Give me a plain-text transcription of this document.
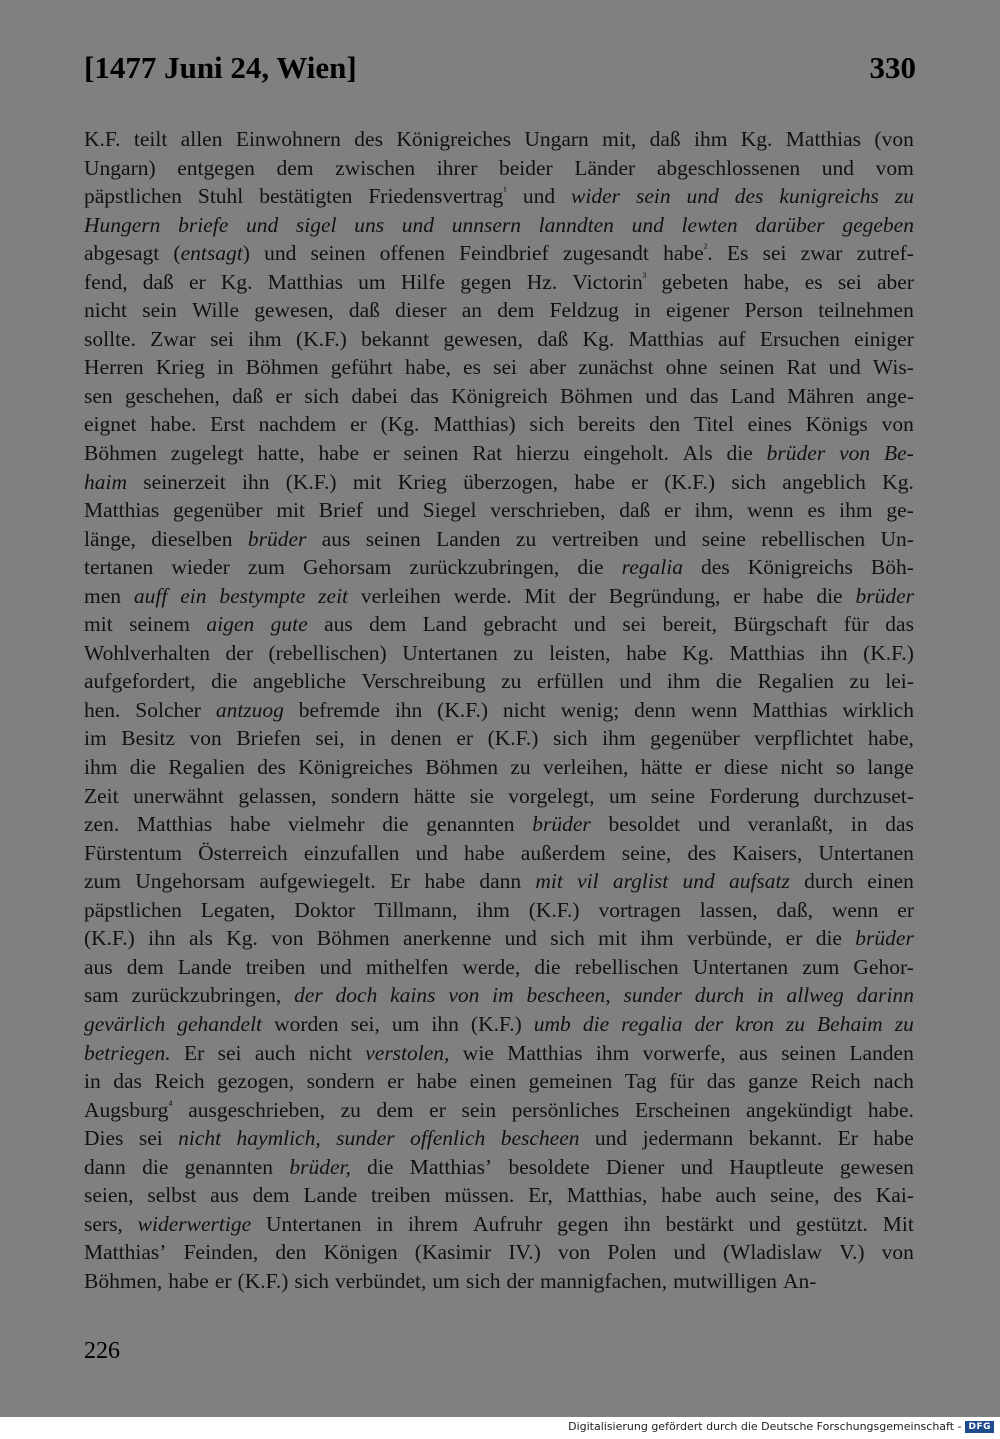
[1477 Juni 24, Wien]	330
K.F. teilt allen Einwohnern des Königreiches Ungarn mit, daß ihm Kg. Matthias (von
Ungarn) entgegen dem zwischen ihrer beider Länder abgeschlossenen und vom
päpstlichen Stuhl bestätigten Friedensvertrag$^{^1}$ und wider sein und des kunigreichs zu
Hungern briefe und sigel uns und unnsern lanndten und lewten darüber gegeben
abgesagt (entsagt) und seinen offenen Feindbrief zugesandt habe$^{^2}$. Es sei zwar zutref-
fend, daß er Kg. Matthias um Hilfe gegen Hz. Victorin$^{^3}$ gebeten habe, es sei aber
nicht sein Wille gewesen, daß dieser an dem Feldzug in eigener Person teilnehmen
sollte. Zwar sei ihm (K.F.) bekannt gewesen, daß Kg. Matthias auf Ersuchen einiger
Herren Krieg in Böhmen geführt habe, es sei aber zunächst ohne seinen Rat und Wis-
sen geschehen, daß er sich dabei das Königreich Böhmen und das Land Mähren ange-
eignet habe. Erst nachdem er (Kg. Matthias) sich bereits den Titel eines Königs von
Böhmen zugelegt hatte, habe er seinen Rat hierzu eingeholt. Als die brüder von Be-
haim seinerzeit ihn (K.F.) mit Krieg überzogen, habe er (K.F.) sich angeblich Kg.
Matthias gegenüber mit Brief und Siegel verschrieben, daß er ihm, wenn es ihm ge-
länge, dieselben brüder aus seinen Landen zu vertreiben und seine rebellischen Un-
tertanen wieder zum Gehorsam zurückzubringen, die regalia des Königreichs Böh-
men auff ein bestympte zeit verleihen werde. Mit der Begründung, er habe die brüder
mit seinem aigen gute aus dem Land gebracht und sei bereit, Bürgschaft für das
Wohlverhalten der (rebellischen) Untertanen zu leisten, habe Kg. Matthias ihn (K.F.)
aufgefordert, die angebliche Verschreibung zu erfüllen und ihm die Regalien zu lei-
hen. Solcher antzuog befremde ihn (K.F.) nicht wenig; denn wenn Matthias wirklich
im Besitz von Briefen sei, in denen er (K.F.) sich ihm gegenüber verpflichtet habe,
ihm die Regalien des Königreiches Böhmen zu verleihen, hätte er diese nicht so lange
Zeit unerwähnt gelassen, sondern hätte sie vorgelegt, um seine Forderung durchzuset-
zen. Matthias habe vielmehr die genannten brüder besoldet und veranlaßt, in das
Fürstentum Österreich einzufallen und habe außerdem seine, des Kaisers, Untertanen
zum Ungehorsam aufgewiegelt. Er habe dann mit vil arglist und aufsatz durch einen
päpstlichen Legaten, Doktor Tillmann, ihm (K.F.) vortragen lassen, daß, wenn er
(K.F.) ihn als Kg. von Böhmen anerkenne und sich mit ihm verbünde, er die brüder
aus dem Lande treiben und mithelfen werde, die rebellischen Untertanen zum Gehor-
sam zurückzubringen, der doch kains von im bescheen, sunder durch in allweg darinn
gevärlich gehandelt worden sei, um ihn (K.F.) umb die regalia der kron zu Behaim zu
betriegen. Er sei auch nicht verstolen, wie Matthias ihm vorwerfe, aus seinen Landen
in das Reich gezogen, sondern er habe einen gemeinen Tag für das ganze Reich nach
Augsburg$^{^4}$ ausgeschrieben, zu dem er sein persönliches Erscheinen angekündigt habe.
Dies sei nicht haymlich, sunder offenlich bescheen und jedermann bekannt. Er habe
dann die genannten brüder, die Matthias’ besoldete Diener und Hauptleute gewesen
seien, selbst aus dem Lande treiben müssen. Er, Matthias, habe auch seine, des Kai-
sers, widerwertige Untertanen in ihrem Aufruhr gegen ihn bestärkt und gestützt. Mit
Matthias’ Feinden, den Königen (Kasimir IV.) von Polen und (Wladislaw V.) von
Böhmen, habe er (K.F.) sich verbündet, um sich der mannigfachen, mutwilligen An-
226
Digitalisierung gefördert durch die Deutsche Forschungsgemeinschaft - DFG
